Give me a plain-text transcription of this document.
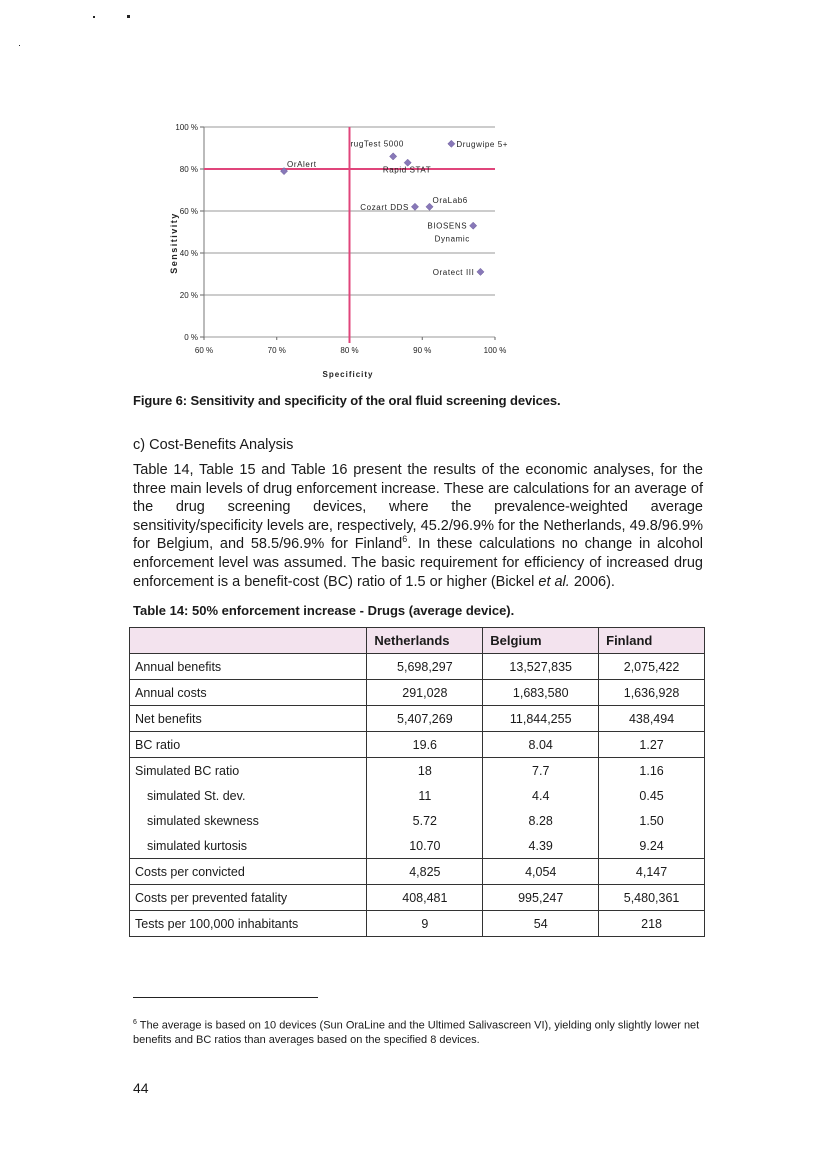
100 %
80 %
60 %
40 %
20 %
0 %
60 %	70 %	80 %	90 %	100 %
OrAlert
rugTest 5000	Drugwipe 5+
Rapid STAT
Cozart DDS
OraLab6
BIOSENS
Dynamic
Oratect III
Sensitivity
Specificity
Figure 6: Sensitivity and specificity of the oral fluid screening devices.
c) Cost-Benefits Analysis
Table 14, Table 15 and Table 16 present the results of the economic analyses, for the three main levels of drug enforcement increase. These are calculations for an average of the drug screening devices, where the prevalence-weighted average sensitivity/specificity levels are, respectively, 45.2/96.9% for the Netherlands, 49.8/96.9% for Belgium, and 58.5/96.9% for Finland$^6$. In these calculations no change in alcohol enforcement level was assumed. The basic requirement for efficiency of increased drug enforcement is a benefit-cost (BC) ratio of 1.5 or higher (Bickel et al. 2006).
Table 14: 50% enforcement increase - Drugs (average device).
	Netherlands	Belgium	Finland
Annual benefits	5,698,297	13,527,835	2,075,422
Annual costs	291,028	1,683,580	1,636,928
Net benefits	5,407,269	11,844,255	438,494
BC ratio	19.6	8.04	1.27
Simulated BC ratio	18	7.7	1.16
simulated St. dev.	11	4.4	0.45
simulated skewness	5.72	8.28	1.50
simulated kurtosis	10.70	4.39	9.24
Costs per convicted	4,825	4,054	4,147
Costs per prevented fatality	408,481	995,247	5,480,361
Tests per 100,000 inhabitants	9	54	218
$^6$ The average is based on 10 devices (Sun OraLine and the Ultimed Salivascreen VI), yielding only slightly lower net benefits and BC ratios than averages based on the specified 8 devices.
44
